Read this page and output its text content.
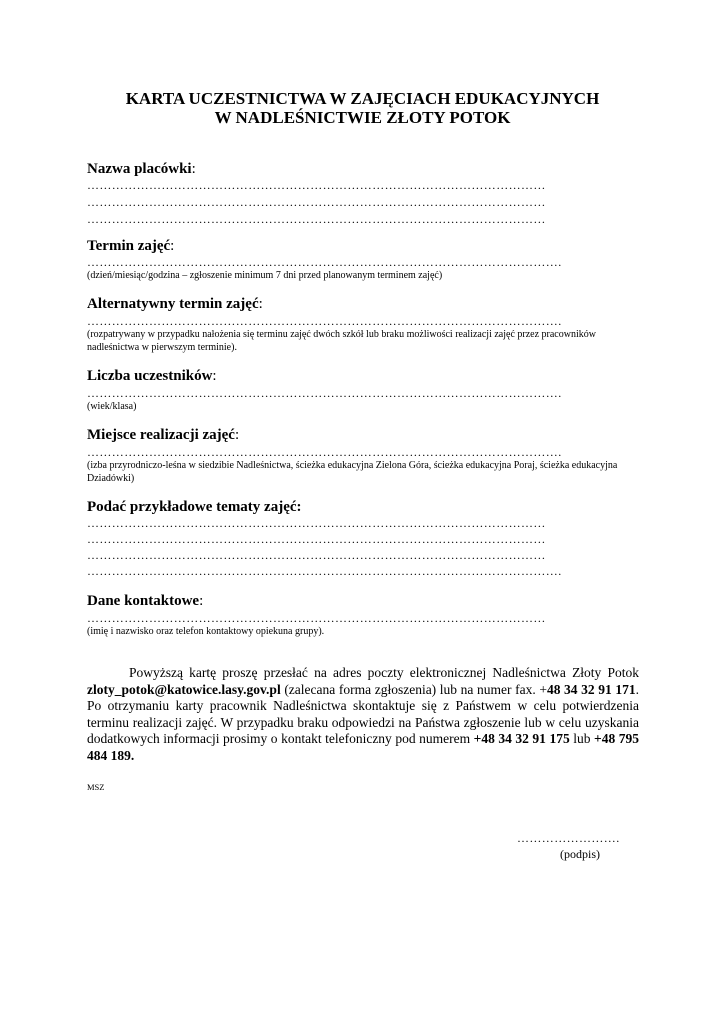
KARTA UCZESTNICTWA W ZAJĘCIACH EDUKACYJNYCH
W NADLEŚNICTWIE ZŁOTY POTOK
Nazwa placówki:
…………………………………………………………………………………………………
…………………………………………………………………………………………………
…………………………………………………………………………………………………
Termin zajęć:
…………………………………………………………………………………………………….
(dzień/miesiąc/godzina – zgłoszenie minimum 7 dni przed planowanym terminem zajęć)
Alternatywny termin zajęć:
…………………………………………………………………………………………………….
(rozpatrywany w przypadku nałożenia się terminu zajęć dwóch szkół lub braku możliwości realizacji zajęć przez pracowników nadleśnictwa w pierwszym terminie).
Liczba uczestników:
…………………………………………………………………………………………………….
(wiek/klasa)
Miejsce realizacji zajęć:
…………………………………………………………………………………………………….
(izba przyrodniczo-leśna w siedzibie Nadleśnictwa, ścieżka edukacyjna Zielona Góra, ścieżka edukacyjna Poraj, ścieżka edukacyjna Dziadówki)
Podać przykładowe tematy zajęć:
…………………………………………………………………………………………………
…………………………………………………………………………………………………
…………………………………………………………………………………………………
…………………………………………………………………………………………………….
Dane kontaktowe:
…………………………………………………………………………………………………
(imię i nazwisko oraz telefon kontaktowy opiekuna grupy).
Powyższą kartę proszę przesłać na adres poczty elektronicznej Nadleśnictwa Złoty Potok zloty_potok@katowice.lasy.gov.pl (zalecana forma zgłoszenia) lub na numer fax. +48 34 32 91 171. Po otrzymaniu karty pracownik Nadleśnictwa skontaktuje się z Państwem w celu potwierdzenia terminu realizacji zajęć. W przypadku braku odpowiedzi na Państwa zgłoszenie lub w celu uzyskania dodatkowych informacji prosimy o kontakt telefoniczny pod numerem +48 34 32 91 175 lub +48 795 484 189.
MSZ
…………………….
(podpis)
